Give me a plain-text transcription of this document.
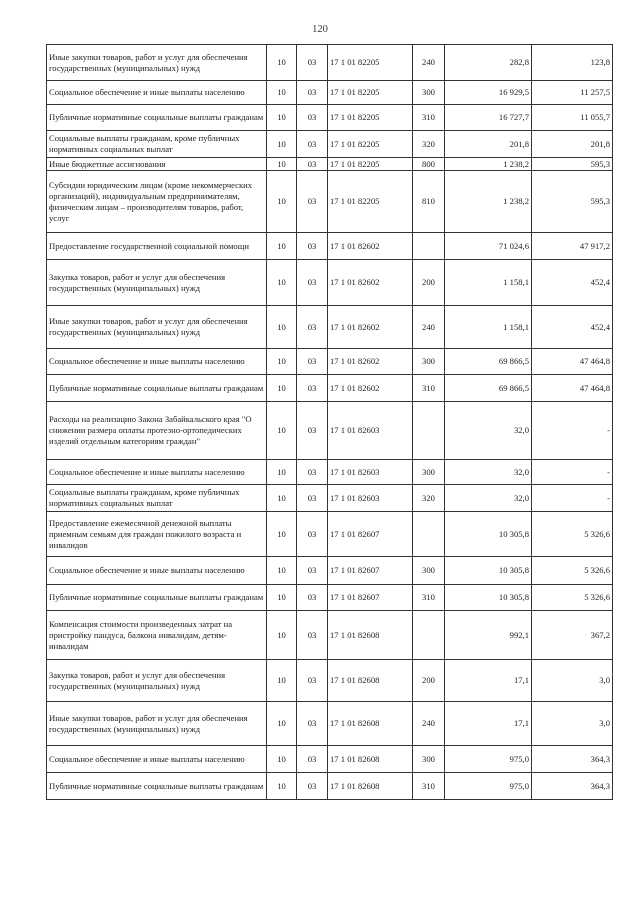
120
Иные закупки товаров, работ и услуг для обеспечения государственных (муниципальных) нужд	10	03	17 1 01 82205	240	282,8	123,8
Социальное обеспечение и иные выплаты населению	10	03	17 1 01 82205	300	16 929,5	11 257,5
Публичные нормативные социальные выплаты гражданам	10	03	17 1 01 82205	310	16 727,7	11 055,7
Социальные выплаты гражданам, кроме публичных нормативных социальных выплат	10	03	17 1 01 82205	320	201,8	201,8
Иные бюджетные ассигнования	10	03	17 1 01 82205	800	1 238,2	595,3
Субсидии юридическим лицам (кроме некоммерческих организаций), индивидуальным предпринимателям, физическим лицам – производителям товаров, работ, услуг	10	03	17 1 01 82205	810	1 238,2	595,3
Предоставление государственной социальной помощи	10	03	17 1 01 82602		71 024,6	47 917,2
Закупка товаров, работ и услуг для обеспечения государственных (муниципальных) нужд	10	03	17 1 01 82602	200	1 158,1	452,4
Иные закупки товаров, работ и услуг для обеспечения государственных (муниципальных) нужд	10	03	17 1 01 82602	240	1 158,1	452,4
Социальное обеспечение и иные выплаты населению	10	03	17 1 01 82602	300	69 866,5	47 464,8
Публичные нормативные социальные выплаты гражданам	10	03	17 1 01 82602	310	69 866,5	47 464,8
Расходы на реализацию Закона Забайкальского края "О снижении размера оплаты протезно-ортопедических изделий отдельным категориям граждан"	10	03	17 1 01 82603		32,0	-
Социальное обеспечение и иные выплаты населению	10	03	17 1 01 82603	300	32,0	-
Социальные выплаты гражданам, кроме публичных нормативных социальных выплат	10	03	17 1 01 82603	320	32,0	-
Предоставление ежемесячной денежной выплаты приемным семьям для граждан пожилого возраста и инвалидов	10	03	17 1 01 82607		10 305,8	5 326,6
Социальное обеспечение и иные выплаты населению	10	03	17 1 01 82607	300	10 305,8	5 326,6
Публичные нормативные социальные выплаты гражданам	10	03	17 1 01 82607	310	10 305,8	5 326,6
Компенсация стоимости произведенных затрат на пристройку пандуса, балкона инвалидам, детям-инвалидам	10	03	17 1 01 82608		992,1	367,2
Закупка товаров, работ и услуг для обеспечения государственных (муниципальных) нужд	10	03	17 1 01 82608	200	17,1	3,0
Иные закупки товаров, работ и услуг для обеспечения государственных (муниципальных) нужд	10	03	17 1 01 82608	240	17,1	3,0
Социальное обеспечение и иные выплаты населению	10	03	17 1 01 82608	300	975,0	364,3
Публичные нормативные социальные выплаты гражданам	10	03	17 1 01 82608	310	975,0	364,3
